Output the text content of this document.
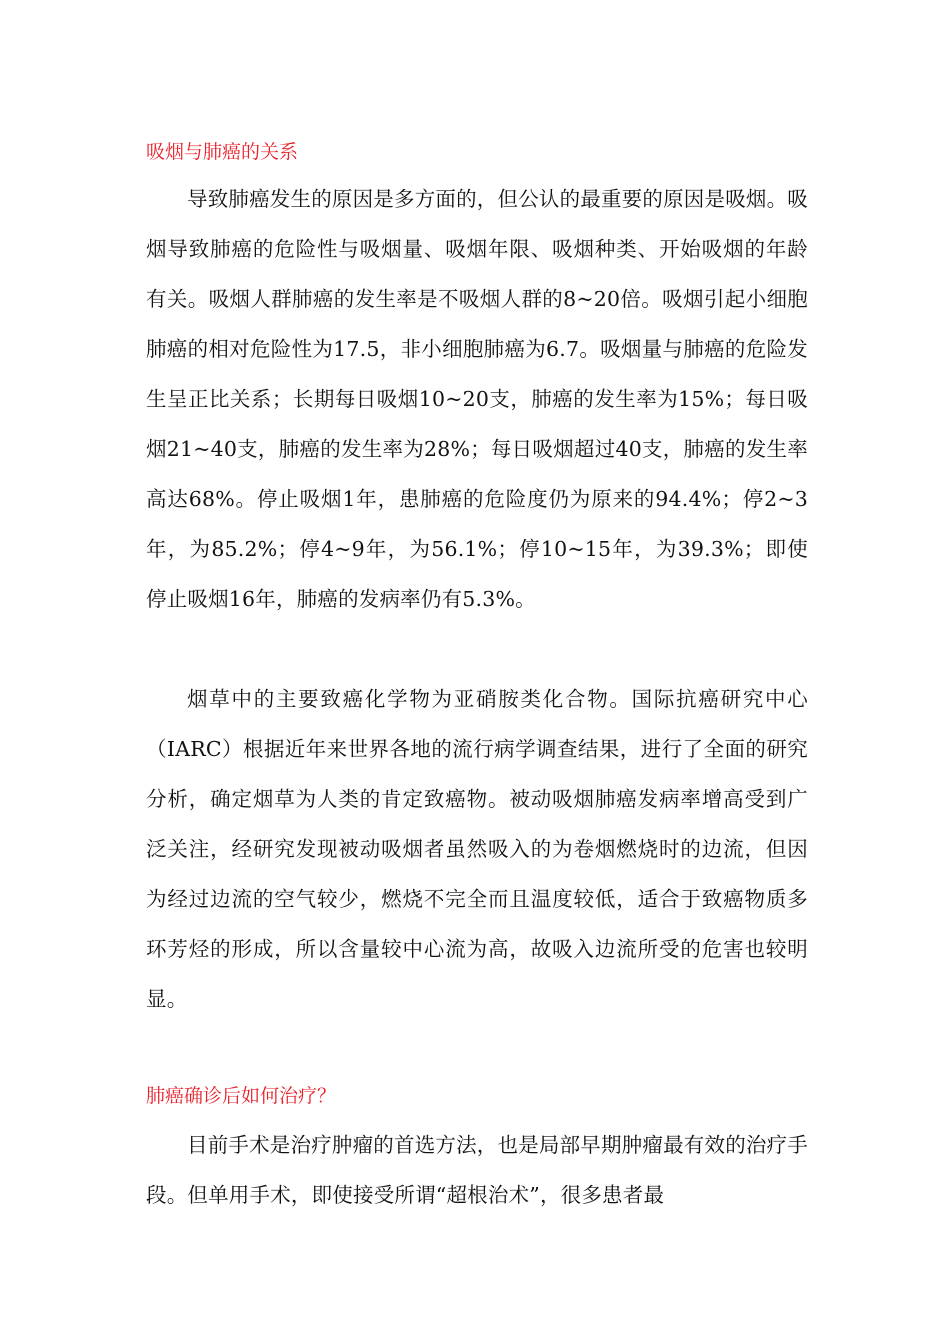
吸烟与肺癌的关系

导致肺癌发生的原因是多方面的，但公认的最重要的原因是吸烟。吸烟导致肺癌的危险性与吸烟量、吸烟年限、吸烟种类、开始吸烟的年龄有关。吸烟人群肺癌的发生率是不吸烟人群的8~20倍。吸烟引起小细胞肺癌的相对危险性为17.5，非小细胞肺癌为6.7。吸烟量与肺癌的危险发生呈正比关系；长期每日吸烟10~20支，肺癌的发生率为15%；每日吸烟21~40支，肺癌的发生率为28%；每日吸烟超过40支，肺癌的发生率高达68%。停止吸烟1年，患肺癌的危险度仍为原来的94.4%；停2~3年，为85.2%；停4~9年，为56.1%；停10~15年，为39.3%；即使停止吸烟16年，肺癌的发病率仍有5.3%。

烟草中的主要致癌化学物为亚硝胺类化合物。国际抗癌研究中心（IARC）根据近年来世界各地的流行病学调查结果，进行了全面的研究分析，确定烟草为人类的肯定致癌物。被动吸烟肺癌发病率增高受到广泛关注，经研究发现被动吸烟者虽然吸入的为卷烟燃烧时的边流，但因为经过边流的空气较少，燃烧不完全而且温度较低，适合于致癌物质多环芳烃的形成，所以含量较中心流为高，故吸入边流所受的危害也较明显。

肺癌确诊后如何治疗？

目前手术是治疗肿瘤的首选方法，也是局部早期肿瘤最有效的治疗手段。但单用手术，即使接受所谓“超根治术”，很多患者最
